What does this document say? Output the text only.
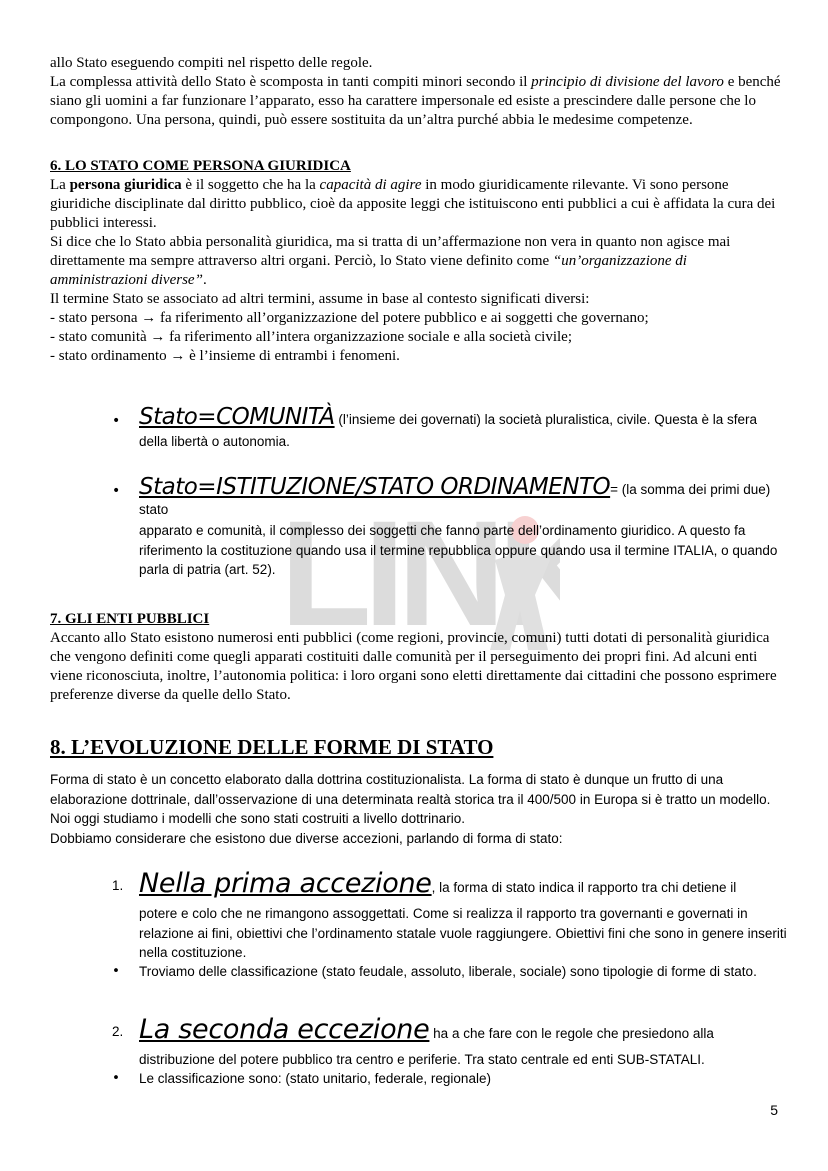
LINK

allo Stato eseguendo compiti nel rispetto delle regole.

La complessa attività dello Stato è scomposta in tanti compiti minori secondo il principio di divisione del lavoro e benché siano gli uomini a far funzionare l’apparato, esso ha carattere impersonale ed esiste a prescindere dalle persone che lo compongono. Una persona, quindi, può essere sostituita da un’altra purché abbia le medesime competenze.

6. LO STATO COME PERSONA GIURIDICA

La persona giuridica è il soggetto che ha la capacità di agire in modo giuridicamente rilevante. Vi sono persone giuridiche disciplinate dal diritto pubblico, cioè da apposite leggi che istituiscono enti pubblici a cui è affidata la cura dei pubblici interessi.

Si dice che lo Stato abbia personalità giuridica, ma si tratta di un’affermazione non vera in quanto non agisce mai direttamente ma sempre attraverso altri organi. Perciò, lo Stato viene definito come “un’organizzazione di amministrazioni diverse”.

Il termine Stato se associato ad altri termini, assume in base al contesto significati diversi:

- stato persona → fa riferimento all’organizzazione del potere pubblico e ai soggetti che governano;

- stato comunità → fa riferimento all’intera organizzazione sociale e alla società civile;

- stato ordinamento → è l’insieme di entrambi i fenomeni.

• Stato=COMUNITÀ (l’insieme dei governati) la società pluralistica, civile. Questa è la sfera
della libertà o autonomia.
• Stato=ISTITUZIONE/STATO ORDINAMENTO= (la somma dei primi due) stato
apparato e comunità, il complesso dei soggetti che fanno parte dell’ordinamento giuridico. A questo fa riferimento la costituzione quando usa il termine repubblica oppure quando usa il termine ITALIA, o quando parla di patria (art. 52).

7. GLI ENTI PUBBLICI

Accanto allo Stato esistono numerosi enti pubblici (come regioni, provincie, comuni) tutti dotati di personalità giuridica che vengono definiti come quegli apparati costituiti dalle comunità per il perseguimento dei propri fini. Ad alcuni enti viene riconosciuta, inoltre, l’autonomia politica: i loro organi sono eletti direttamente dai cittadini che possono esprimere preferenze diverse da quelle dello Stato.

8. L’EVOLUZIONE DELLE FORME DI STATO

Forma di stato è un concetto elaborato dalla dottrina costituzionalista. La forma di stato è dunque un frutto di una elaborazione dottrinale, dall’osservazione di una determinata realtà storica tra il 400/500 in Europa si è tratto un modello. Noi oggi studiamo i modelli che sono stati costruiti a livello dottrinario.

Dobbiamo considerare che esistono due diverse accezioni, parlando di forma di stato:

1. Nella prima accezione, la forma di stato indica il rapporto tra chi detiene il
potere e colo che ne rimangono assoggettati. Come si realizza il rapporto tra governanti e governati in relazione ai fini, obiettivi che l’ordinamento statale vuole raggiungere. Obiettivi fini che sono in genere inseriti nella costituzione.
• Troviamo delle classificazione (stato feudale, assoluto, liberale, sociale) sono tipologie di forme di stato.
2. La seconda eccezione ha a che fare con le regole che presiedono alla
distribuzione del potere pubblico tra centro e periferie. Tra stato centrale ed enti SUB-STATALI.
• Le classificazione sono: (stato unitario, federale, regionale)
5
